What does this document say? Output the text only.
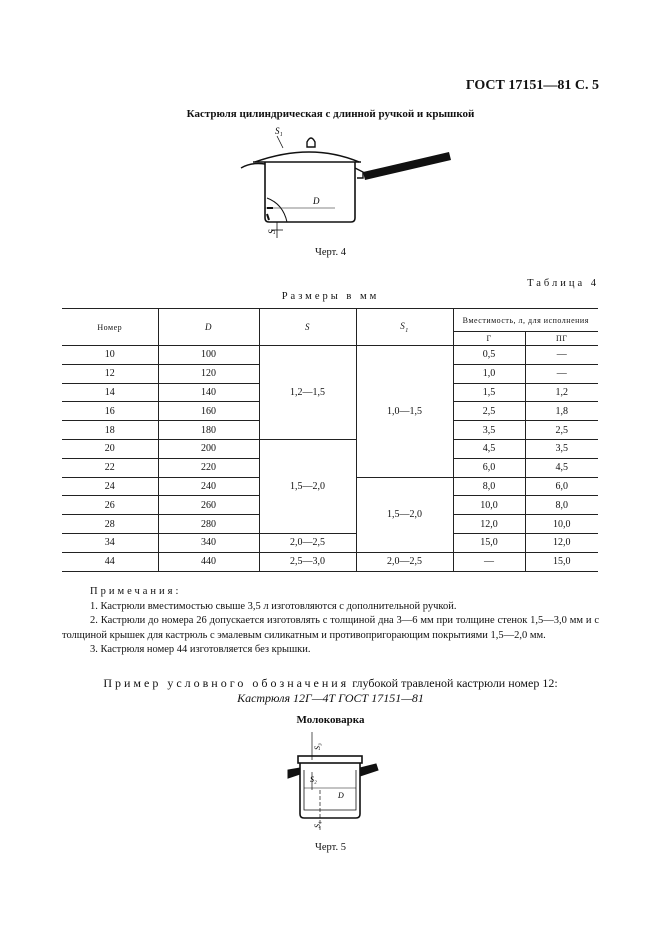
ГОСТ 17151—81 С. 5
Кастрюля цилиндрическая с длинной ручкой и крышкой
S₁
D
S
Черт. 4
Таблица 4
Размеры в мм
Номер	D	S	$S_1$	Вместимость, л, для исполнения	
				Г	ПГ
10	100	1,2—1,5	1,0—1,5	0,5	—
12	120			1,0	—
14	140			1,5	1,2
16	160			2,5	1,8
18	180			3,5	2,5
20	200	1,5—2,0		4,5	3,5
22	220			6,0	4,5
24	240		1,5—2,0	8,0	6,0
26	260			10,0	8,0
28	280			12,0	10,0
34	340	2,0—2,5		15,0	12,0
44	440	2,5—3,0	2,0—2,5	—	15,0

Примечания:

1. Кастрюли вместимостью свыше 3,5 л изготовляются с дополнительной ручкой.

2. Кастрюли до номера 26 допускается изготовлять с толщиной дна 3—6 мм при толщине стенок 1,5—3,0 мм и с толщиной крышек для кастрюль с эмалевым силикатным и противопригорающим покрытиями 1,5—2,0 мм.

3. Кастрюля номер 44 изготовляется без крышки.

Пример условного обозначения глубокой травленой кастрюли номер 12:
Кастрюля 12Г—4Т ГОСТ 17151—81
Молоковарка
S₃
S₂
D
S₁
Черт. 5
